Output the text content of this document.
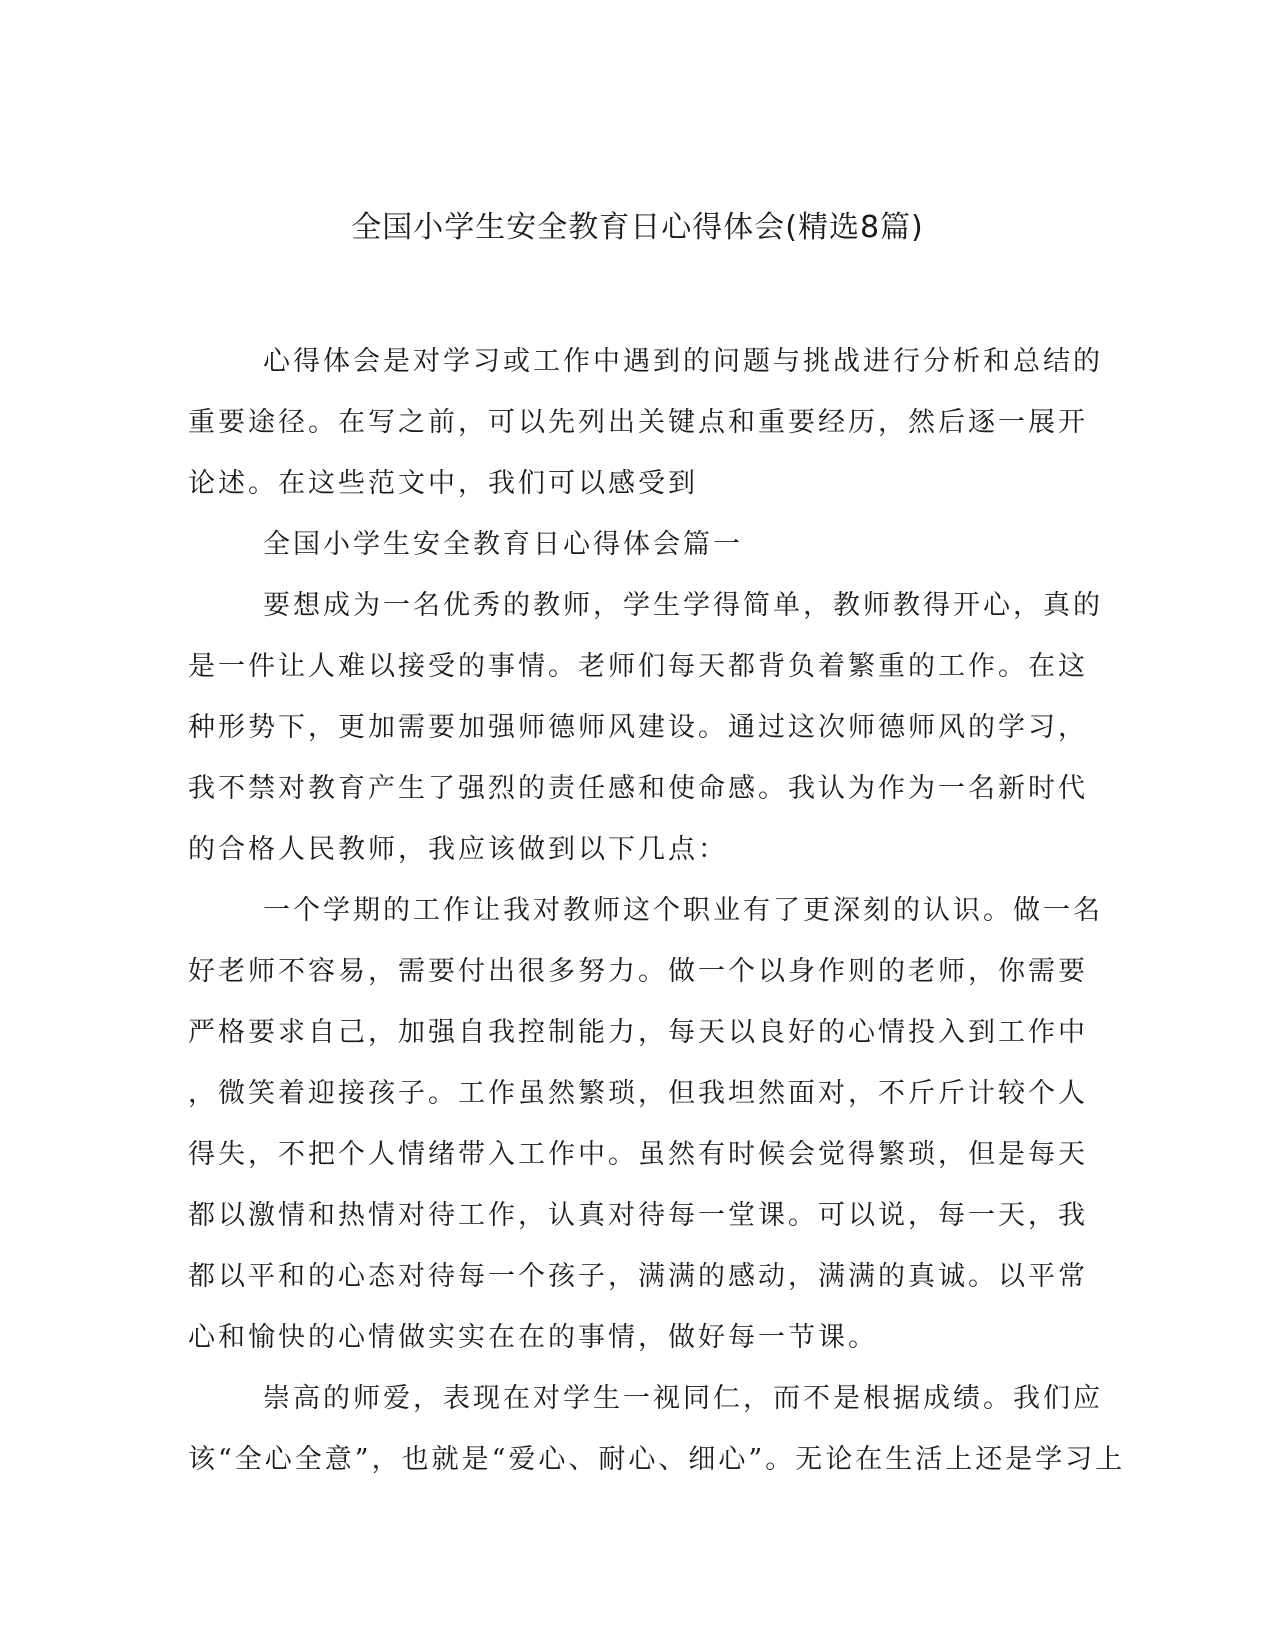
全国小学生安全教育日心得体会(精选8篇)
心得体会是对学习或工作中遇到的问题与挑战进行分析和总结的
重要途径。在写之前，可以先列出关键点和重要经历，然后逐一展开
论述。在这些范文中，我们可以感受到
全国小学生安全教育日心得体会篇一
要想成为一名优秀的教师，学生学得简单，教师教得开心，真的
是一件让人难以接受的事情。老师们每天都背负着繁重的工作。在这
种形势下，更加需要加强师德师风建设。通过这次师德师风的学习，
我不禁对教育产生了强烈的责任感和使命感。我认为作为一名新时代
的合格人民教师，我应该做到以下几点：
一个学期的工作让我对教师这个职业有了更深刻的认识。做一名
好老师不容易，需要付出很多努力。做一个以身作则的老师，你需要
严格要求自己，加强自我控制能力，每天以良好的心情投入到工作中
，微笑着迎接孩子。工作虽然繁琐，但我坦然面对，不斤斤计较个人
得失，不把个人情绪带入工作中。虽然有时候会觉得繁琐，但是每天
都以激情和热情对待工作，认真对待每一堂课。可以说，每一天，我
都以平和的心态对待每一个孩子，满满的感动，满满的真诚。以平常
心和愉快的心情做实实在在的事情，做好每一节课。
崇高的师爱，表现在对学生一视同仁，而不是根据成绩。我们应
该“全心全意”，也就是“爱心、耐心、细心”。无论在生活上还是学习上
